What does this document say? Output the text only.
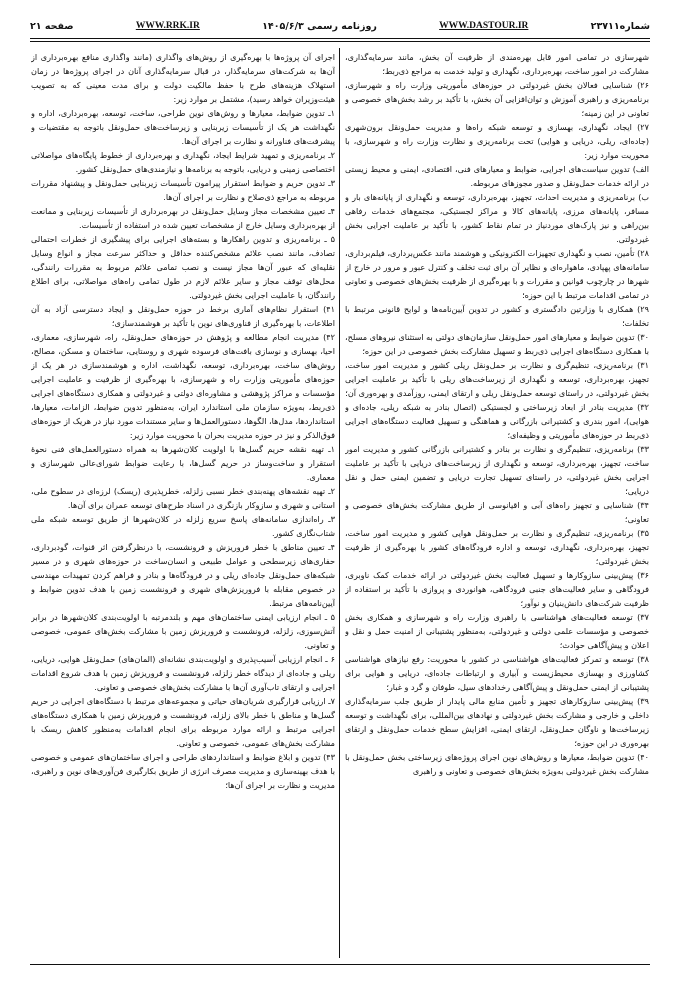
شماره۲۳۷۱۱
WWW.DASTOUR.IR
روزنامه رسمی ۱۴۰۵/۶/۳
WWW.RRK.IR
صفحه ۲۱

شهرسازی در تمامی امور قابل بهره‌مندی از ظرفیت آن بخش، مانند سرمایه‌گذاری، مشارکت در امور ساخت، بهره‌برداری، نگهداری و تولید خدمت به مراجع ذی‌ربط؛

۲۶) شناسایی فعالان بخش غیردولتی در حوزه‌های مأموریتی وزارت راه و شهرسازی، برنامه‌ریزی و راهبری آموزش و توان‌افزایی آن بخش، با تأکید بر رشد بخش‌های خصوصی و تعاونی در این زمینه؛

۲۷) ایجاد، نگهداری، بهسازی و توسعه شبکه راه‌ها و مدیریت حمل‌ونقل برون‌شهری (جاده‌ای، ریلی، دریایی و هوایی) تحت برنامه‌ریزی و نظارت وزارت راه و شهرسازی، با محوریت موارد زیر:

الف) تدوین سیاست‌های اجرایی، ضوابط و معیارهای فنی، اقتصادی، ایمنی و محیط زیستی در ارائه خدمات حمل‌ونقل و صدور مجوزهای مربوطه.

ب) برنامه‌ریزی و مدیریت احداث، تجهیز، بهره‌برداری، توسعه و نگهداری از پایانه‌های بار و مسافر، پایانه‌های مرزی، پایانه‌های کالا و مراکز لجستیکی، مجتمع‌های خدمات رفاهی بین‌راهی و نیز پارک‌های موردنیاز در تمام نقاط کشور، با تأکید بر عاملیت اجرایی بخش غیردولتی.

۲۸) تأمین، نصب و نگهداری تجهیزات الکترونیکی و هوشمند مانند عکس‌برداری، فیلم‌برداری، سامانه‌های پهپادی، ماهواره‌ای و نظایر آن برای ثبت تخلف و کنترل عبور و مرور در خارج از شهرها در چارچوب قوانین و مقررات و با بهره‌گیری از ظرفیت بخش‌های خصوصی و تعاونی در تمامی اقدامات مرتبط با این حوزه؛

۲۹) همکاری با وزارتین دادگستری و کشور در تدوین آیین‌نامه‌ها و لوایح قانونی مرتبط با تخلفات؛

۳۰) تدوین ضوابط و معیارهای امور حمل‌ونقل سازمان‌های دولتی به استثنای نیروهای مسلح، با همکاری دستگاه‌های اجرایی ذی‌ربط و تسهیل مشارکت بخش خصوصی در این حوزه؛

۳۱) برنامه‌ریزی، تنظیم‌گری و نظارت بر حمل‌ونقل ریلی کشور و مدیریت امور ساخت، تجهیز، بهره‌برداری، توسعه و نگهداری از زیرساخت‌های ریلی با تأکید بر عاملیت اجرایی بخش غیردولتی، در راستای توسعه حمل‌ونقل ریلی و ارتقای ایمنی، روزآمدی و بهره‌وری آن؛

۳۲) مدیریت بنادر از ابعاد زیرساختی و لجستیکی (اتصال بنادر به شبکه ریلی، جاده‌ای و هوایی)، امور بندری و کشتیرانی بازرگانی و هماهنگی و تسهیل فعالیت دستگاه‌های اجرایی ذی‌ربط در حوزه‌های مأموریتی و وظیفه‌ای؛

۳۳) برنامه‌ریزی، تنظیم‌گری و نظارت بر بنادر و کشتیرانی بازرگانی کشور و مدیریت امور ساخت، تجهیز، بهره‌برداری، توسعه و نگهداری از زیرساخت‌های دریایی با تأکید بر عاملیت اجرایی بخش غیردولتی، در راستای تسهیل تجارت دریایی و تضمین ایمنی حمل و نقل دریایی؛

۳۴) شناسایی و تجهیز راه‌های آبی و اقیانوسی از طریق مشارکت بخش‌های خصوصی و تعاونی؛

۳۵) برنامه‌ریزی، تنظیم‌گری و نظارت بر حمل‌ونقل هوایی کشور و مدیریت امور ساخت، تجهیز، بهره‌برداری، نگهداری، توسعه و اداره فرودگاه‌های کشور با بهره‌گیری از ظرفیت بخش غیردولتی؛

۳۶) پیش‌بینی سازوکارها و تسهیل فعالیت بخش غیردولتی در ارائه خدمات کمک ناوبری، فرودگاهی و سایر فعالیت‌های جنبی فرودگاهی، هوانوردی و پروازی با تأکید بر استفاده از ظرفیت شرکت‌های دانش‌بنیان و نوآور؛

۳۷) توسعه فعالیت‌های هواشناسی با راهبری وزارت راه و شهرسازی و همکاری بخش خصوصی و مؤسسات علمی دولتی و غیردولتی، به‌منظور پشتیبانی از امنیت حمل و نقل و اعلان و پیش‌آگاهی حوادث؛

۳۸) توسعه و تمرکز فعالیت‌های هواشناسی در کشور با محوریت: رفع نیازهای هواشناسی کشاورزی و بهسازی محیط‌زیست و آبیاری و ارتباطات جاده‌ای، دریایی و هوایی برای پشتیبانی از ایمنی حمل‌ونقل و پیش‌آگاهی رخدادهای سیل، طوفان و گرد و غبار؛

۳۹) پیش‌بینی سازوکارهای تجهیز و تأمین منابع مالی پایدار از طریق جلب سرمایه‌گذاری داخلی و خارجی و مشارکت بخش غیردولتی و نهادهای بین‌المللی، برای نگهداشت و توسعه زیرساخت‌ها و ناوگان حمل‌ونقل، ارتقای ایمنی، افزایش سطح خدمات حمل‌ونقل و ارتقای بهره‌وری در این حوزه؛

۴۰) تدوین ضوابط، معیارها و روش‌های نوین اجرای پروژه‌های زیرساختی بخش حمل‌ونقل با مشارکت بخش غیردولتی به‌ویژه بخش‌های خصوصی و تعاونی و راهبری

اجرای آن پروژه‌ها با بهره‌گیری از روش‌های واگذاری (مانند واگذاری منافع بهره‌برداری از آن‌ها به شرکت‌های سرمایه‌گذار، در قبال سرمایه‌گذاری آنان در اجرای پروژه‌ها در زمان استهلاک هزینه‌های طرح با حفظ مالکیت دولت و برای مدت معینی که به تصویب هیئت‌وزیران خواهد رسید)، مشتمل بر موارد زیر:

۱ـ تدوین ضوابط، معیارها و روش‌های نوین طراحی، ساخت، توسعه، بهره‌برداری، اداره و نگهداشت هر یک از تأسیسات زیربنایی و زیرساخت‌های حمل‌ونقل باتوجه به مقتضیات و پیشرفت‌های فناورانه و نظارت بر اجرای آن‌ها.

۲ـ برنامه‌ریزی و تمهید شرایط ایجاد، نگهداری و بهره‌برداری از خطوط پایگاه‌های مواصلاتی اختصاصی زمینی و دریایی، باتوجه به برنامه‌ها و نیازمندی‌های حمل‌ونقل کشور.

۳ـ تدوین حریم و ضوابط استقرار پیرامون تأسیسات زیربنایی حمل‌ونقل و پیشنهاد مقررات مربوطه به مراجع ذی‌صلاح و نظارت بر اجرای آن‌ها.

۴ـ تعیین مشخصات مجاز وسایل حمل‌ونقل در بهره‌برداری از تأسیسات زیربنایی و ممانعت از بهره‌برداری وسایل خارج از مشخصات تعیین شده در استفاده از تأسیسات.

۵ ـ برنامه‌ریزی و تدوین راهکارها و بسته‌های اجرایی برای پیشگیری از خطرات احتمالی تصادف، مانند نصب علائم مشخص‌کننده حداقل و حداکثر سرعت مجاز و انواع وسایل نقلیه‌ای که عبور آن‌ها مجاز نیست و نصب تمامی علائم مربوط به مقررات رانندگی، محل‌های توقف مجاز و سایر علائم لازم در طول تمامی راه‌های مواصلاتی، برای اطلاع رانندگان، با عاملیت اجرایی بخش غیردولتی.

۴۱) استقرار نظام‌های آماری برخط در حوزه حمل‌ونقل و ایجاد دسترسی آزاد به آن اطلاعات، با بهره‌گیری از فناوری‌های نوین با تأکید بر هوشمندسازی؛

۴۲) مدیریت انجام مطالعه و پژوهش در حوزه‌های حمل‌ونقل، راه، شهرسازی، معماری، احیا، بهسازی و نوسازی بافت‌های فرسوده شهری و روستایی، ساختمان و مسکن، مصالح، روش‌های ساخت، بهره‌برداری، توسعه، نگهداشت، اداره و هوشمندسازی در هر یک از حوزه‌های مأموریتی وزارت راه و شهرسازی، با بهره‌گیری از ظرفیت و عاملیت اجرایی مؤسسات و مراکز پژوهشی و مشاوره‌ای دولتی و غیردولتی و همکاری دستگاه‌های اجرایی ذی‌ربط، به‌ویژه سازمان ملی استاندارد ایران، به‌منظور تدوین ضوابط، الزامات، معیارها، استانداردها، مدل‌ها، الگوها، دستورالعمل‌ها و سایر مستندات مورد نیاز در هریک از حوزه‌های فوق‌الذکر و نیز در حوزه مدیریت بحران با محوریت موارد زیر:

۱ـ تهیه نقشه حریم گسل‌ها با اولویت کلان‌شهرها به همراه دستورالعمل‌های فنی نحوهٔ استقرار و ساخت‌وساز در حریم گسل‌ها، با رعایت ضوابط شورای‌عالی شهرسازی و معماری.

۲ـ تهیه نقشه‌های پهنه‌بندی خطر نسبی زلزله، خطرپذیری (ریسک) لرزه‌ای در سطوح ملی، استانی و شهری و سازوکار بازنگری در اسناد طرح‌های توسعه عمران برای آن‌ها.

۳ـ راه‌اندازی سامانه‌های پاسخ سریع زلزله در کلان‌شهرها از طریق توسعه شبکه ملی شتاب‌نگاری کشور.

۴ـ تعیین مناطق با خطر فروریزش و فرونشست، با درنظرگرفتن اثر قنوات، گودبرداری، حفاری‌های زیرسطحی و عوامل طبیعی و انسان‌ساخت در حوزه‌های شهری و در مسیر شبکه‌های حمل‌ونقل جاده‌ای ریلی و در فرودگاه‌ها و بنادر و فراهم کردن تمهیدات مهندسی در خصوص مقابله با فروریزش‌های شهری و فرونشست زمین با هدف تدوین ضوابط و آیین‌نامه‌های مرتبط.

۵ ـ انجام ارزیابی ایمنی ساختمان‌های مهم و بلندمرتبه با اولویت‌بندی کلان‌شهرها در برابر آتش‌سوزی، زلزله، فرونشست و فروریزش زمین با مشارکت بخش‌های عمومی، خصوصی و تعاونی.

۶ ـ انجام ارزیابی آسیب‌پذیری و اولویت‌بندی نشانه‌ای (المان‌های) حمل‌ونقل هوایی، دریایی، ریلی و جاده‌ای از دیدگاه خطر زلزله، فرونشست و فروریزش زمین با هدف شروع اقدامات اجرایی و ارتقای تاب‌آوری آن‌ها با مشارکت بخش‌های خصوصی و تعاونی.

۷ـ ارزیابی قرارگیری شریان‌های حیاتی و مجموعه‌های مرتبط با دستگاه‌های اجرایی در حریم گسل‌ها و مناطق با خطر بالای زلزله، فرونشست و فروریزش زمین با همکاری دستگاه‌های اجرایی مرتبط و ارائه موارد مربوطه برای انجام اقدامات به‌منظور کاهش ریسک با مشارکت بخش‌های عمومی، خصوصی و تعاونی.

۴۳) تدوین و ابلاغ ضوابط و استانداردهای طراحی و اجرای ساختمان‌های عمومی و خصوصی با هدف بهینه‌سازی و مدیریت مصرف انرژی از طریق بکارگیری فن‌آوری‌های نوین و راهبری، مدیریت و نظارت بر اجرای آن‌ها؛
